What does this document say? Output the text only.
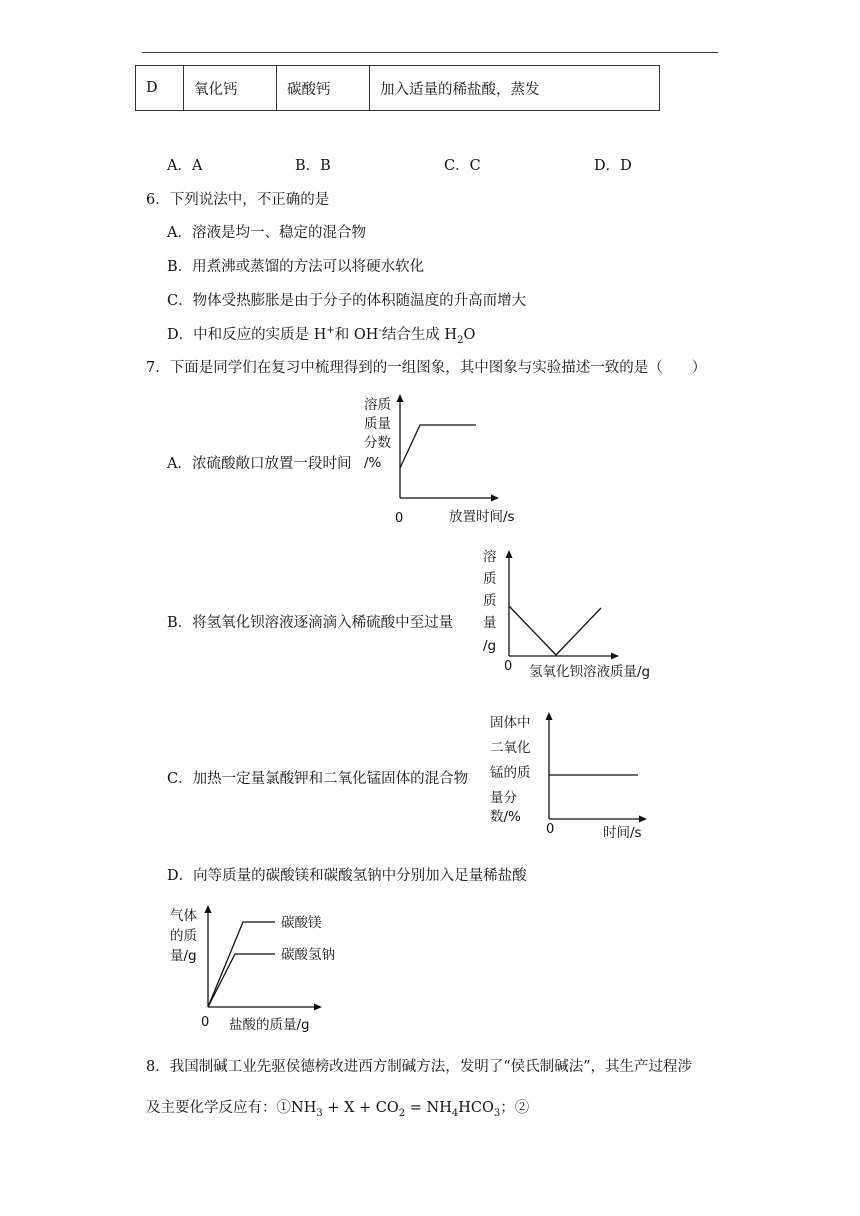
D	氧化钙	碳酸钙	加入适量的稀盐酸，蒸发
A．A	B．B	C．C	D．D
6．下列说法中，不正确的是
A．溶液是均一、稳定的混合物
B．用煮沸或蒸馏的方法可以将硬水软化
C．物体受热膨胀是由于分子的体积随温度的升高而增大
D．中和反应的实质是 H+和 OH-结合生成 $H_2O$
7．下面是同学们在复习中梳理得到的一组图象，其中图象与实验描述一致的是（　　）
A．浓硫酸敞口放置一段时间
溶质
质量
分数
/%
0	放置时间/s
B．将氢氧化钡溶液逐滴滴入稀硫酸中至过量
溶
质
质
量
/g
0 氢氧化钡溶液质量/g
C．加热一定量氯酸钾和二氧化锰固体的混合物
固体中
二氧化
锰的质
量分
数/%
0	时间/s
D．向等质量的碳酸镁和碳酸氢钠中分别加入足量稀盐酸
气体
的质
量/g
碳酸镁
碳酸氢钠
0 盐酸的质量/g
8．我国制碱工业先驱侯德榜改进西方制碱方法，发明了“侯氏制碱法”，其生产过程涉
及主要化学反应有：$①NH_3 + X + CO_2 = NH_4HCO_3$；②
